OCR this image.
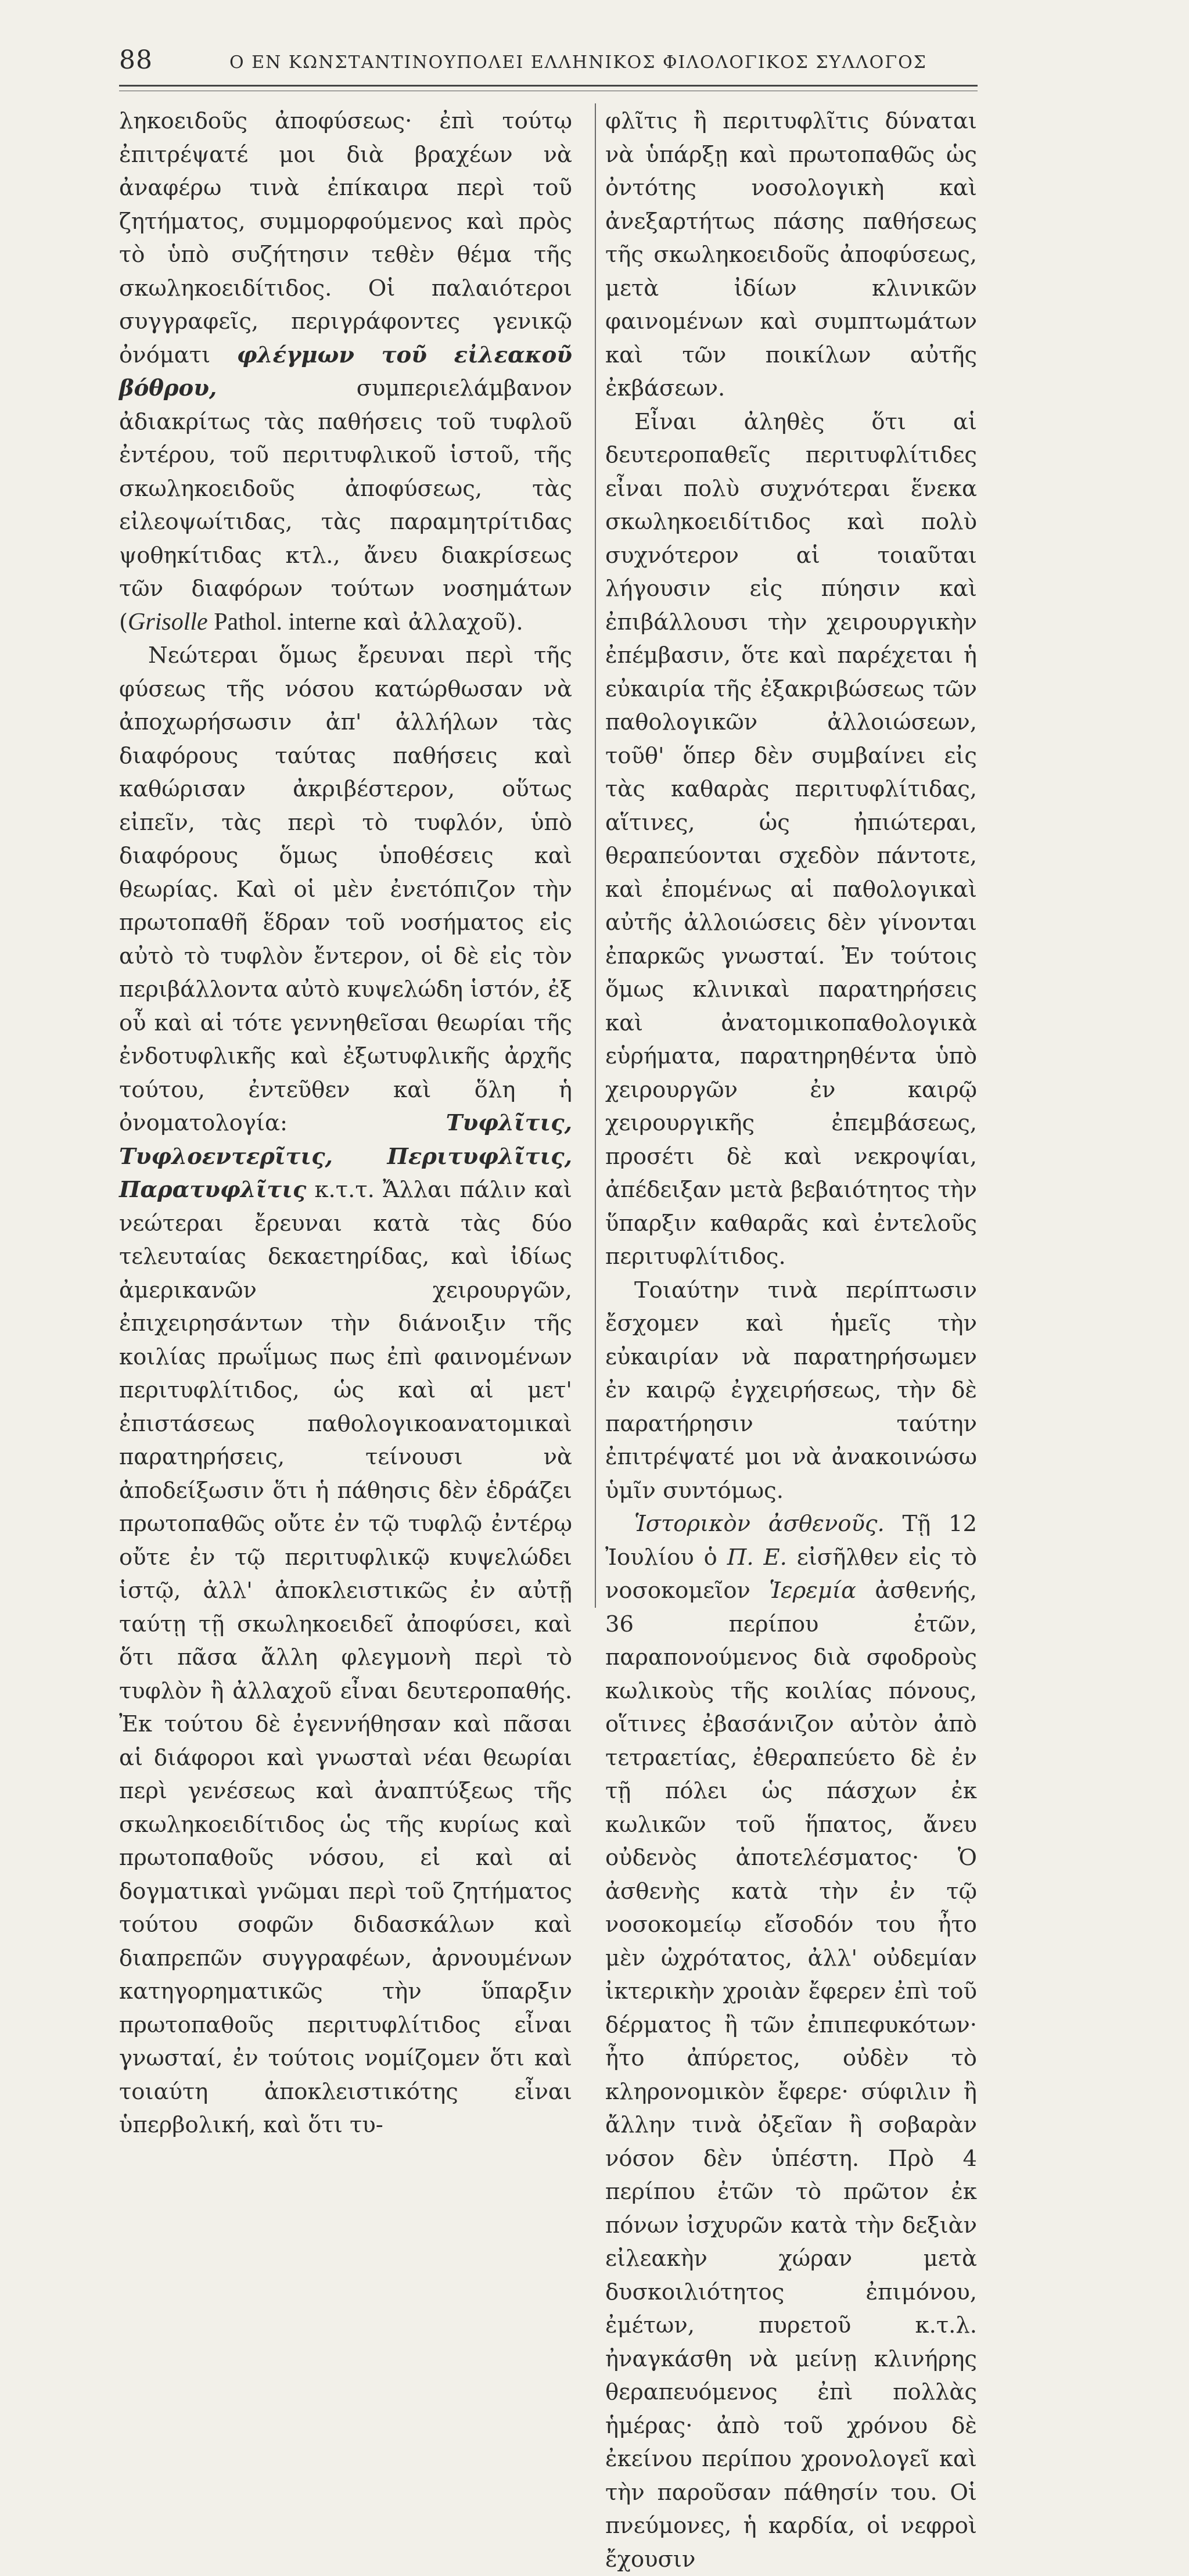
88	Ο ΕΝ ΚΩΝΣΤΑΝΤΙΝΟΥΠΟΛΕΙ ΕΛΛΗΝΙΚΟΣ ΦΙΛΟΛΟΓΙΚΟΣ ΣΥΛΛΟΓΟΣ

ληκοειδοῦς ἀποφύσεως· ἐπὶ τούτῳ ἐπιτρέψατέ μοι διὰ βραχέων νὰ ἀναφέρω τινὰ ἐπίκαιρα περὶ τοῦ ζητήματος, συμμορφούμενος καὶ πρὸς τὸ ὑπὸ συζήτησιν τεθὲν θέμα τῆς σκωληκοειδίτιδος. Οἱ παλαιότεροι συγγραφεῖς, περιγράφοντες γενικῷ ὀνόματι φλέγμων τοῦ εἰλεακοῦ βόθρου, συμπεριελάμβανον ἀδιακρίτως τὰς παθήσεις τοῦ τυφλοῦ ἐντέρου, τοῦ περιτυφλικοῦ ἱστοῦ, τῆς σκωληκοειδοῦς ἀποφύσεως, τὰς εἰλεοψωίτιδας, τὰς παραμητρίτιδας ψοθηκίτιδας κτλ., ἄνευ διακρίσεως τῶν διαφόρων τούτων νοσημάτων (Grisolle Pathol. interne καὶ ἀλλαχοῦ).

Νεώτεραι ὅμως ἔρευναι περὶ τῆς φύσεως τῆς νόσου κατώρθωσαν νὰ ἀποχωρήσωσιν ἀπ' ἀλλήλων τὰς διαφόρους ταύτας παθήσεις καὶ καθώρισαν ἀκριβέστερον, οὕτως εἰπεῖν, τὰς περὶ τὸ τυφλόν, ὑπὸ διαφόρους ὅμως ὑποθέσεις καὶ θεωρίας. Καὶ οἱ μὲν ἐνετόπιζον τὴν πρωτοπαθῆ ἕδραν τοῦ νοσήματος εἰς αὐτὸ τὸ τυφλὸν ἔντερον, οἱ δὲ εἰς τὸν περιβάλλοντα αὐτὸ κυψελώδη ἱστόν, ἐξ οὗ καὶ αἱ τότε γεννηθεῖσαι θεωρίαι τῆς ἐνδοτυφλικῆς καὶ ἐξωτυφλικῆς ἀρχῆς τούτου, ἐντεῦθεν καὶ ὅλη ἡ ὀνοματολογία: Τυφλῖτις, Τυφλοεντερῖτις, Περιτυφλῖτις, Παρατυφλῖτις κ.τ.τ. Ἄλλαι πάλιν καὶ νεώτεραι ἔρευναι κατὰ τὰς δύο τελευταίας δεκαετηρίδας, καὶ ἰδίως ἀμερικανῶν χειρουργῶν, ἐπιχειρησάντων τὴν διάνοιξιν τῆς κοιλίας πρωΐμως πως ἐπὶ φαινομένων περιτυφλίτιδος, ὡς καὶ αἱ μετ' ἐπιστάσεως παθολογικοανατομικαὶ παρατηρήσεις, τείνουσι νὰ ἀποδείξωσιν ὅτι ἡ πάθησις δὲν ἑδράζει πρωτοπαθῶς οὔτε ἐν τῷ τυφλῷ ἐντέρῳ οὔτε ἐν τῷ περιτυφλικῷ κυψελώδει ἱστῷ, ἀλλ' ἀποκλειστικῶς ἐν αὐτῇ ταύτῃ τῇ σκωληκοειδεῖ ἀποφύσει, καὶ ὅτι πᾶσα ἄλλη φλεγμονὴ περὶ τὸ τυφλὸν ἢ ἀλλαχοῦ εἶναι δευτεροπαθής. Ἐκ τούτου δὲ ἐγεννήθησαν καὶ πᾶσαι αἱ διάφοροι καὶ γνωσταὶ νέαι θεωρίαι περὶ γενέσεως καὶ ἀναπτύξεως τῆς σκωληκοειδίτιδος ὡς τῆς κυρίως καὶ πρωτοπαθοῦς νόσου, εἰ καὶ αἱ δογματικαὶ γνῶμαι περὶ τοῦ ζητήματος τούτου σοφῶν διδασκάλων καὶ διαπρεπῶν συγγραφέων, ἀρνουμένων κατηγορηματικῶς τὴν ὕπαρξιν πρωτοπαθοῦς περιτυφλίτιδος εἶναι γνωσταί, ἐν τούτοις νομίζομεν ὅτι καὶ τοιαύτη ἀποκλειστικότης εἶναι ὑπερβολική, καὶ ὅτι τυ-

φλῖτις ἢ περιτυφλῖτις δύναται νὰ ὑπάρξῃ καὶ πρωτοπαθῶς ὡς ὀντότης νοσολογικὴ καὶ ἀνεξαρτήτως πάσης παθήσεως τῆς σκωληκοειδοῦς ἀποφύσεως, μετὰ ἰδίων κλινικῶν φαινομένων καὶ συμπτωμάτων καὶ τῶν ποικίλων αὐτῆς ἐκβάσεων.

Εἶναι ἀληθὲς ὅτι αἱ δευτεροπαθεῖς περιτυφλίτιδες εἶναι πολὺ συχνότεραι ἕνεκα σκωληκοειδίτιδος καὶ πολὺ συχνότερον αἱ τοιαῦται λήγουσιν εἰς πύησιν καὶ ἐπιβάλλουσι τὴν χειρουργικὴν ἐπέμβασιν, ὅτε καὶ παρέχεται ἡ εὐκαιρία τῆς ἐξακριβώσεως τῶν παθολογικῶν ἀλλοιώσεων, τοῦθ' ὅπερ δὲν συμβαίνει εἰς τὰς καθαρὰς περιτυφλίτιδας, αἵτινες, ὡς ἠπιώτεραι, θεραπεύονται σχεδὸν πάντοτε, καὶ ἐπομένως αἱ παθολογικαὶ αὐτῆς ἀλλοιώσεις δὲν γίνονται ἐπαρκῶς γνωσταί. Ἐν τούτοις ὅμως κλινικαὶ παρατηρήσεις καὶ ἀνατομικοπαθολογικὰ εὑρήματα, παρατηρηθέντα ὑπὸ χειρουργῶν ἐν καιρῷ χειρουργικῆς ἐπεμβάσεως, προσέτι δὲ καὶ νεκροψίαι, ἀπέδειξαν μετὰ βεβαιότητος τὴν ὕπαρξιν καθαρᾶς καὶ ἐντελοῦς περιτυφλίτιδος.

Τοιαύτην τινὰ περίπτωσιν ἔσχομεν καὶ ἡμεῖς τὴν εὐκαιρίαν νὰ παρατηρήσωμεν ἐν καιρῷ ἐγχειρήσεως, τὴν δὲ παρατήρησιν ταύτην ἐπιτρέψατέ μοι νὰ ἀνακοινώσω ὑμῖν συντόμως.

Ἱστορικὸν ἀσθενοῦς. Τῇ 12 Ἰουλίου ὁ Π. Ε. εἰσῆλθεν εἰς τὸ νοσοκομεῖον Ἱερεμία ἀσθενής, 36 περίπου ἐτῶν, παραπονούμενος διὰ σφοδροὺς κωλικοὺς τῆς κοιλίας πόνους, οἵτινες ἐβασάνιζον αὐτὸν ἀπὸ τετραετίας, ἐθεραπεύετο δὲ ἐν τῇ πόλει ὡς πάσχων ἐκ κωλικῶν τοῦ ἥπατος, ἄνευ οὐδενὸς ἀποτελέσματος· Ὁ ἀσθενὴς κατὰ τὴν ἐν τῷ νοσοκομείῳ εἴσοδόν του ἦτο μὲν ὠχρότατος, ἀλλ' οὐδεμίαν ἰκτερικὴν χροιὰν ἔφερεν ἐπὶ τοῦ δέρματος ἢ τῶν ἐπιπεφυκότων· ἦτο ἀπύρετος, οὐδὲν τὸ κληρονομικὸν ἔφερε· σύφιλιν ἢ ἄλλην τινὰ ὀξεῖαν ἢ σοβαρὰν νόσον δὲν ὑπέστη. Πρὸ 4 περίπου ἐτῶν τὸ πρῶτον ἐκ πόνων ἰσχυρῶν κατὰ τὴν δεξιὰν εἰλεακὴν χώραν μετὰ δυσκοιλιότητος ἐπιμόνου, ἐμέτων, πυρετοῦ κ.τ.λ. ἠναγκάσθη νὰ μείνῃ κλινήρης θεραπευόμενος ἐπὶ πολλὰς ἡμέρας· ἀπὸ τοῦ χρόνου δὲ ἐκείνου περίπου χρονολογεῖ καὶ τὴν παροῦσαν πάθησίν του. Οἱ πνεύμονες, ἡ καρδία, οἱ νεφροὶ ἔχουσιν
